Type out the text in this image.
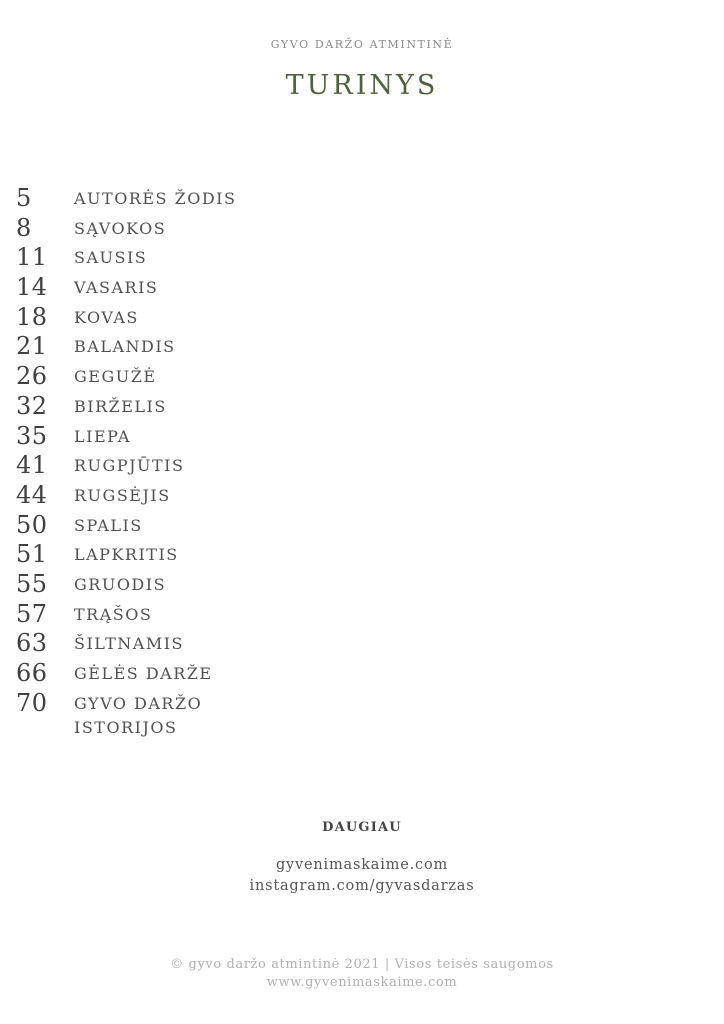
GYVO DARŽO ATMINTINĖ
TURINYS
5	AUTORĖS ŽODIS
8	SĄVOKOS
11	SAUSIS
14	VASARIS
18	KOVAS
21	BALANDIS
26	GEGUŽĖ
32	BIRŽELIS
35	LIEPA
41	RUGPJŪTIS
44	RUGSĖJIS
50	SPALIS
51	LAPKRITIS
55	GRUODIS
57	TRĄŠOS
63	ŠILTNAMIS
66	GĖLĖS DARŽE
70	GYVO DARŽO ISTORIJOS
DAUGIAU
gyvenimaskaime.com
instagram.com/gyvasdarzas
© gyvo daržo atmintinė 2021 | Visos teisės saugomos
www.gyvenimaskaime.com
